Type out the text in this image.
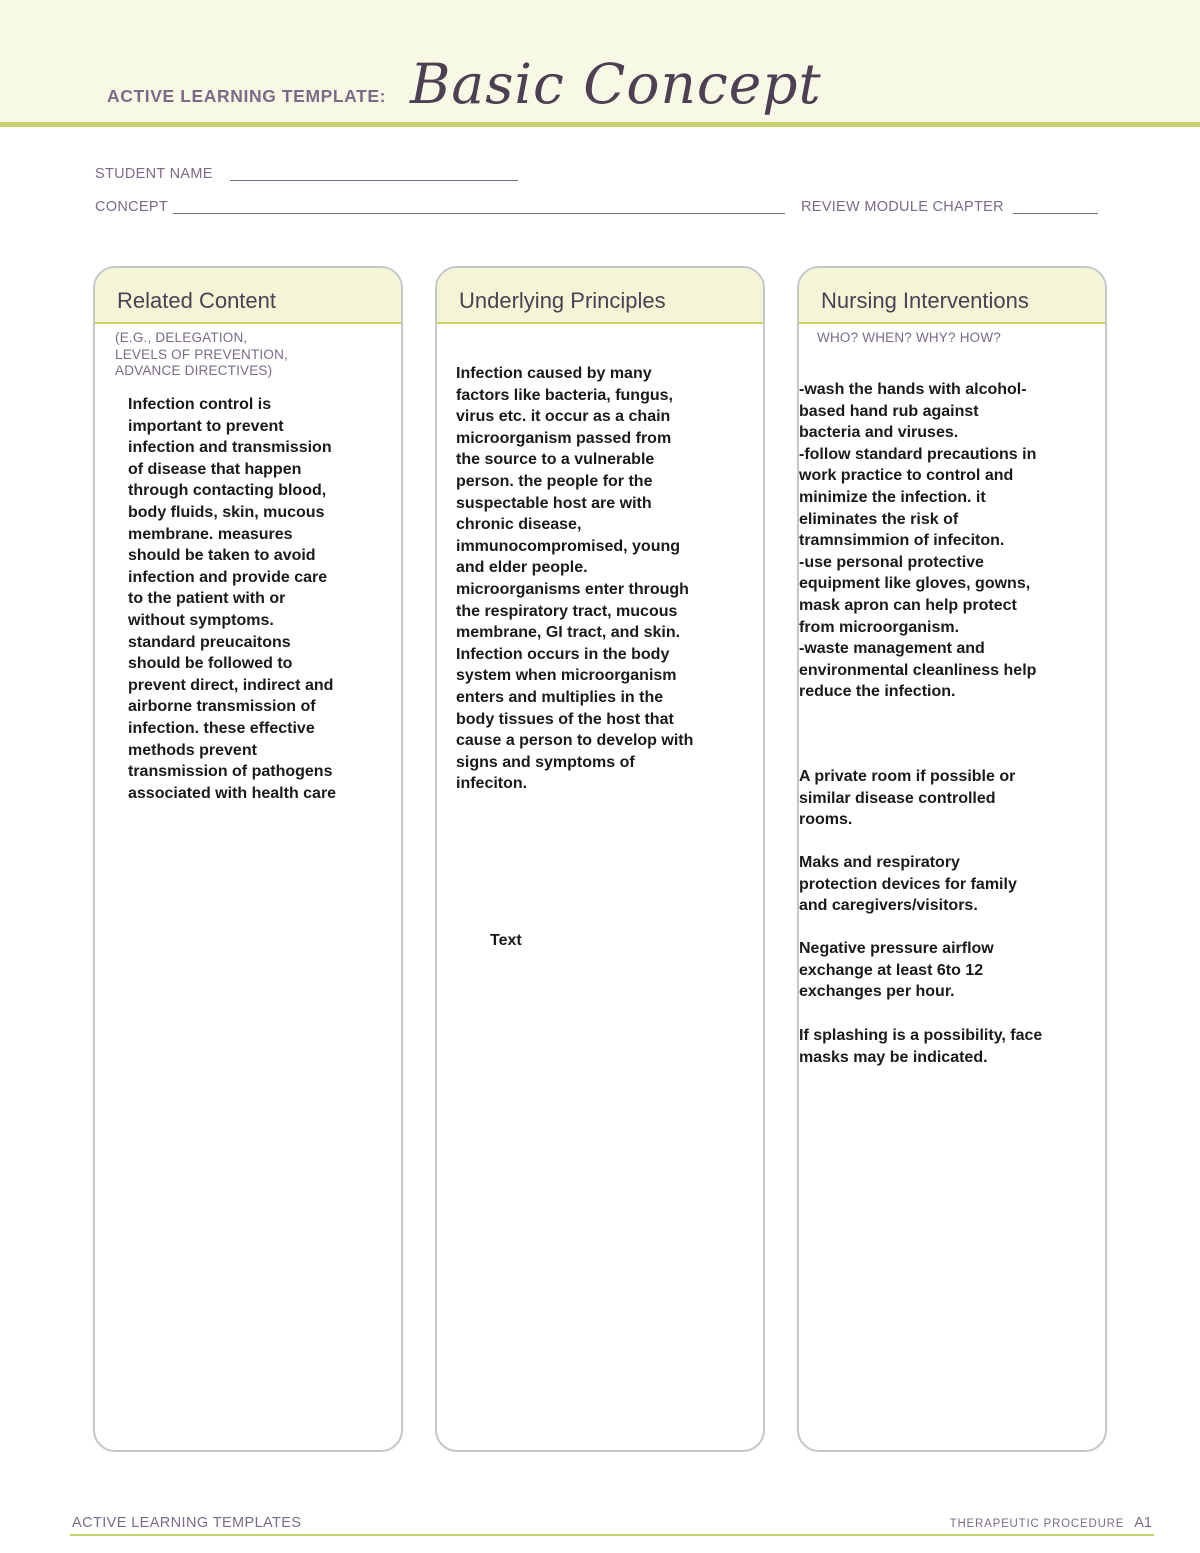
ACTIVE LEARNING TEMPLATE: Basic Concept
STUDENT NAME
CONCEPT	REVIEW MODULE CHAPTER
Related Content
(E.G., DELEGATION,
LEVELS OF PREVENTION,
ADVANCE DIRECTIVES)

Infection control is
important to prevent
infection and transmission
of disease that happen
through contacting blood,
body fluids, skin, mucous
membrane. measures
should be taken to avoid
infection and provide care
to the patient with or
without symptoms.
standard preucaitons
should be followed to
prevent direct, indirect and
airborne transmission of
infection. these effective
methods prevent
transmission of pathogens
associated with health care

Underlying Principles

Infection caused by many
factors like bacteria, fungus,
virus etc. it occur as a chain
microorganism passed from
the source to a vulnerable
person. the people for the
suspectable host are with
chronic disease,
immunocompromised, young
and elder people.
microorganisms enter through
the respiratory tract, mucous
membrane, GI tract, and skin.
Infection occurs in the body
system when microorganism
enters and multiplies in the
body tissues of the host that
cause a person to develop with
signs and symptoms of
infeciton.

Text
Nursing Interventions
WHO? WHEN? WHY? HOW?

-wash the hands with alcohol-
based hand rub against
bacteria and viruses.
-follow standard precautions in
work practice to control and
minimize the infection. it
eliminates the risk of
tramnsimmion of infeciton.
-use personal protective
equipment like gloves, gowns,
mask apron can help protect
from microorganism.
-waste management and
environmental cleanliness help
reduce the infection.

A private room if possible or
similar disease controlled
rooms.

Maks and respiratory
protection devices for family
and caregivers/visitors.

Negative pressure airflow
exchange at least 6to 12
exchanges per hour.

If splashing is a possibility, face
masks may be indicated.

ACTIVE LEARNING TEMPLATES	THERAPEUTIC PROCEDURE A1
